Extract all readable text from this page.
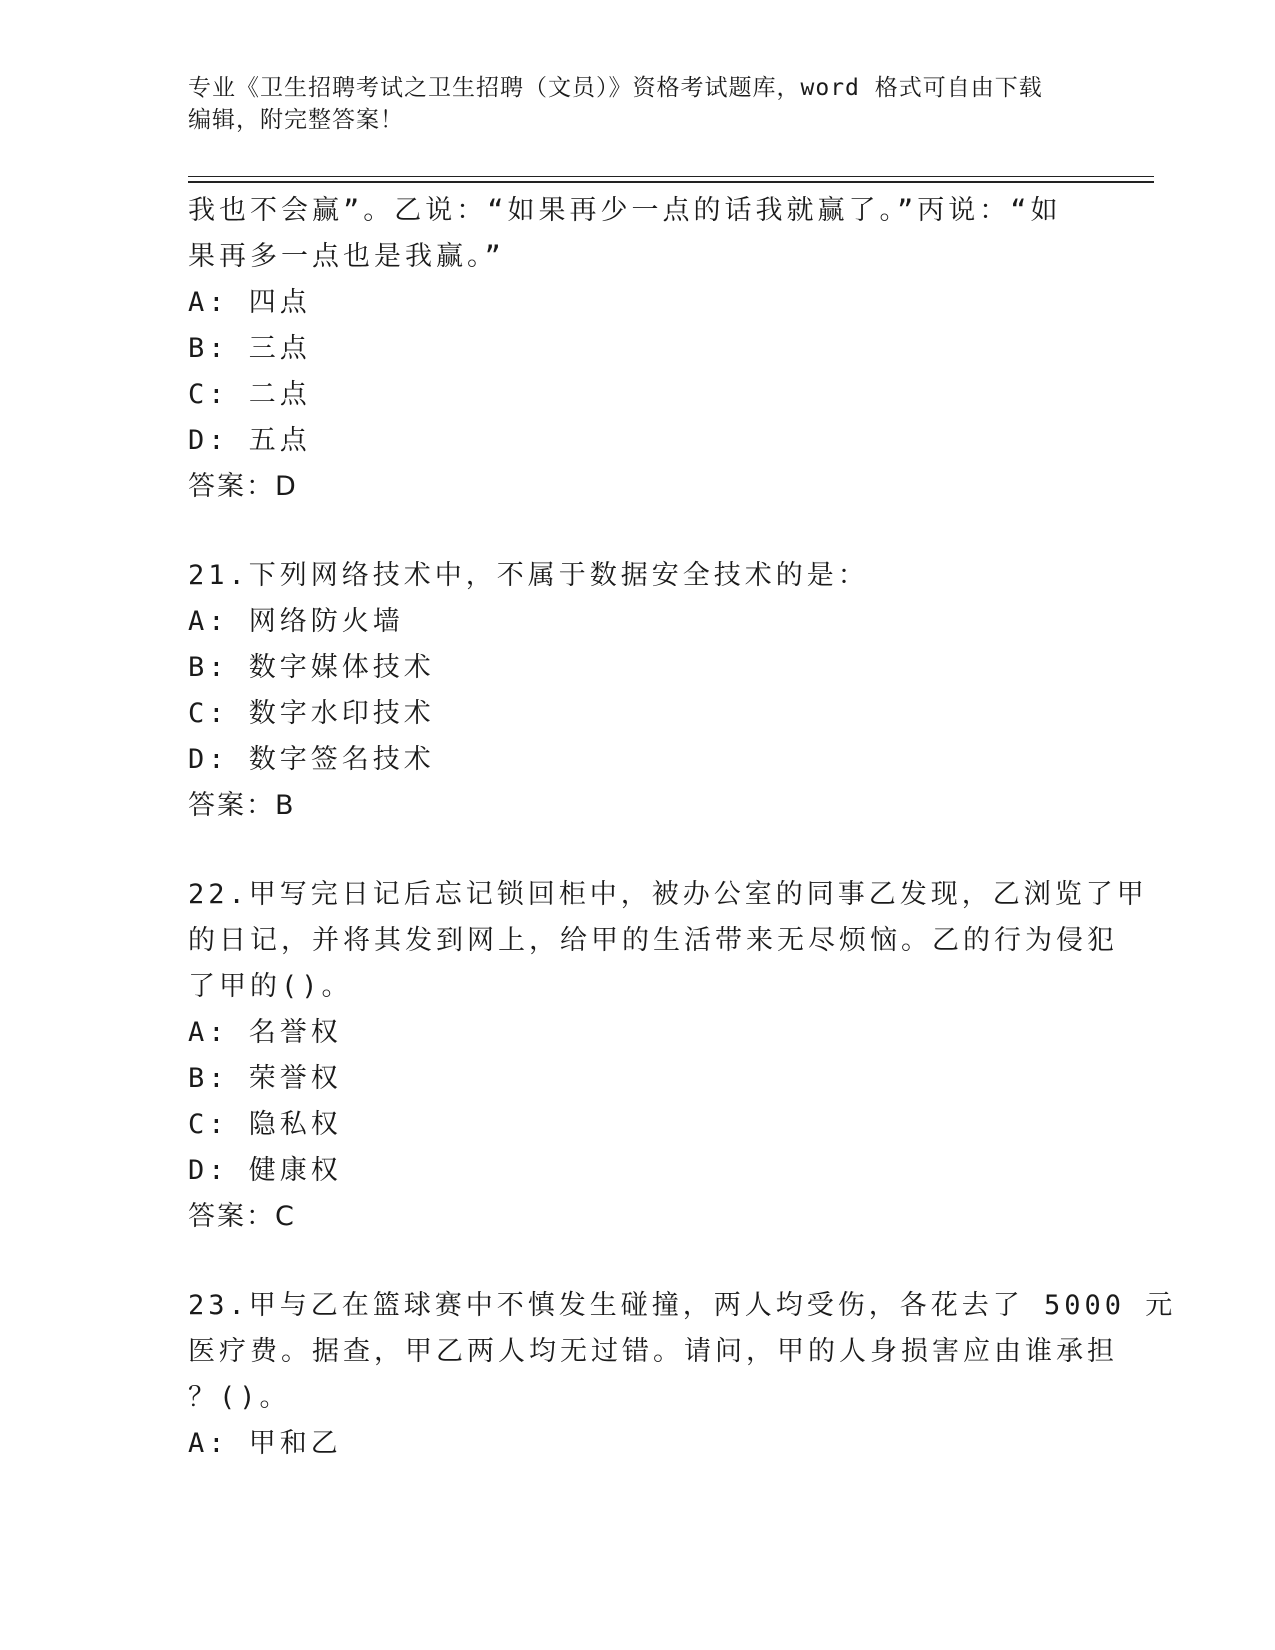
专业《卫生招聘考试之卫生招聘（文员）》资格考试题库，word 格式可自由下载
编辑，附完整答案！
我也不会赢”。乙说：“如果再少一点的话我就赢了。”丙说：“如
果再多一点也是我赢。”
A: 四点
B: 三点
C: 二点
D: 五点
答案：D
21.下列网络技术中，不属于数据安全技术的是：
A: 网络防火墙
B: 数字媒体技术
C: 数字水印技术
D: 数字签名技术
答案：B
22.甲写完日记后忘记锁回柜中，被办公室的同事乙发现，乙浏览了甲
的日记，并将其发到网上，给甲的生活带来无尽烦恼。乙的行为侵犯
了甲的()。
A: 名誉权
B: 荣誉权
C: 隐私权
D: 健康权
答案：C
23.甲与乙在篮球赛中不慎发生碰撞，两人均受伤，各花去了 5000 元
医疗费。据查，甲乙两人均无过错。请问，甲的人身损害应由谁承担
？()。
A: 甲和乙
